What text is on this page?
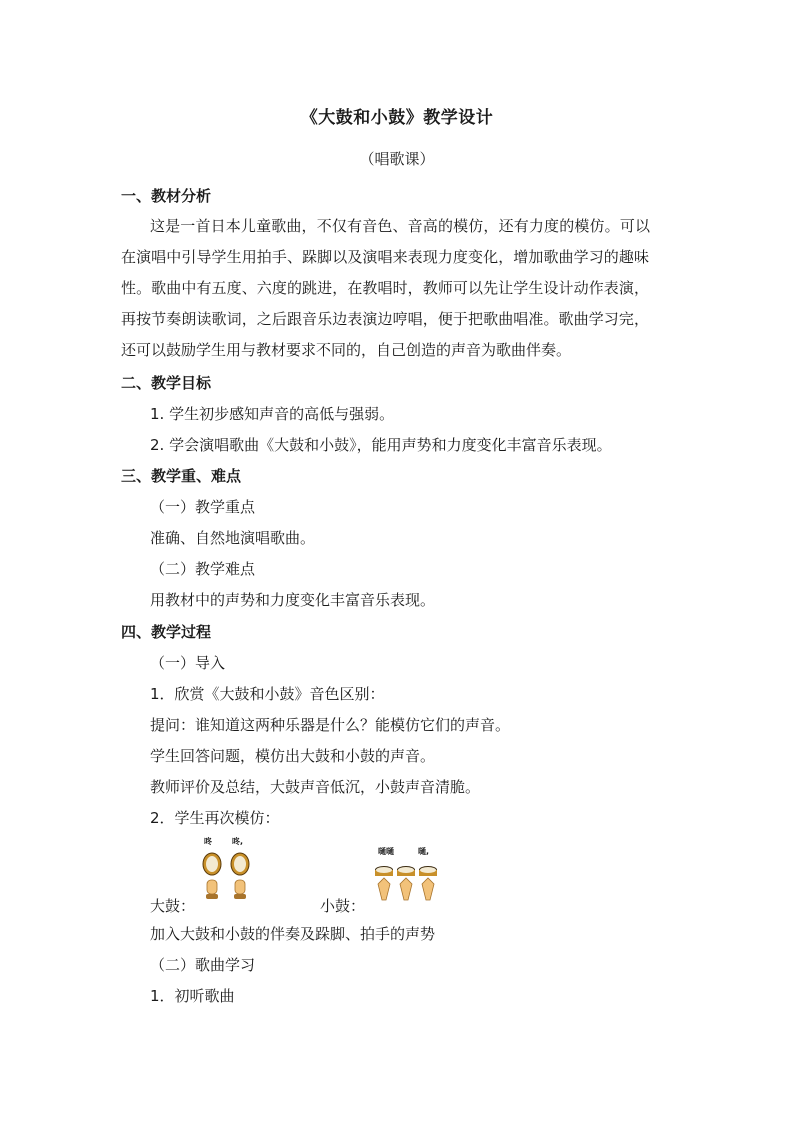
《大鼓和小鼓》教学设计
（唱歌课）
一、教材分析
这是一首日本儿童歌曲，不仅有音色、音高的模仿，还有力度的模仿。可以
在演唱中引导学生用拍手、跺脚以及演唱来表现力度变化，增加歌曲学习的趣味
性。歌曲中有五度、六度的跳进，在教唱时，教师可以先让学生设计动作表演，
再按节奏朗读歌词，之后跟音乐边表演边哼唱，便于把歌曲唱准。歌曲学习完，
还可以鼓励学生用与教材要求不同的，自己创造的声音为歌曲伴奏。
二、教学目标
1. 学生初步感知声音的高低与强弱。
2. 学会演唱歌曲《大鼓和小鼓》，能用声势和力度变化丰富音乐表现。
三、教学重、难点
（一）教学重点
准确、自然地演唱歌曲。
（二）教学难点
用教材中的声势和力度变化丰富音乐表现。
四、教学过程
（一）导入
1．欣赏《大鼓和小鼓》音色区别：
提问：谁知道这两种乐器是什么？能模仿它们的声音。
学生回答问题，模仿出大鼓和小鼓的声音。
教师评价及总结，大鼓声音低沉，小鼓声音清脆。
2．学生再次模仿：
咚	咚,
嗵嗵	嗵,
大鼓：	小鼓：
加入大鼓和小鼓的伴奏及跺脚、拍手的声势
（二）歌曲学习
1．初听歌曲
